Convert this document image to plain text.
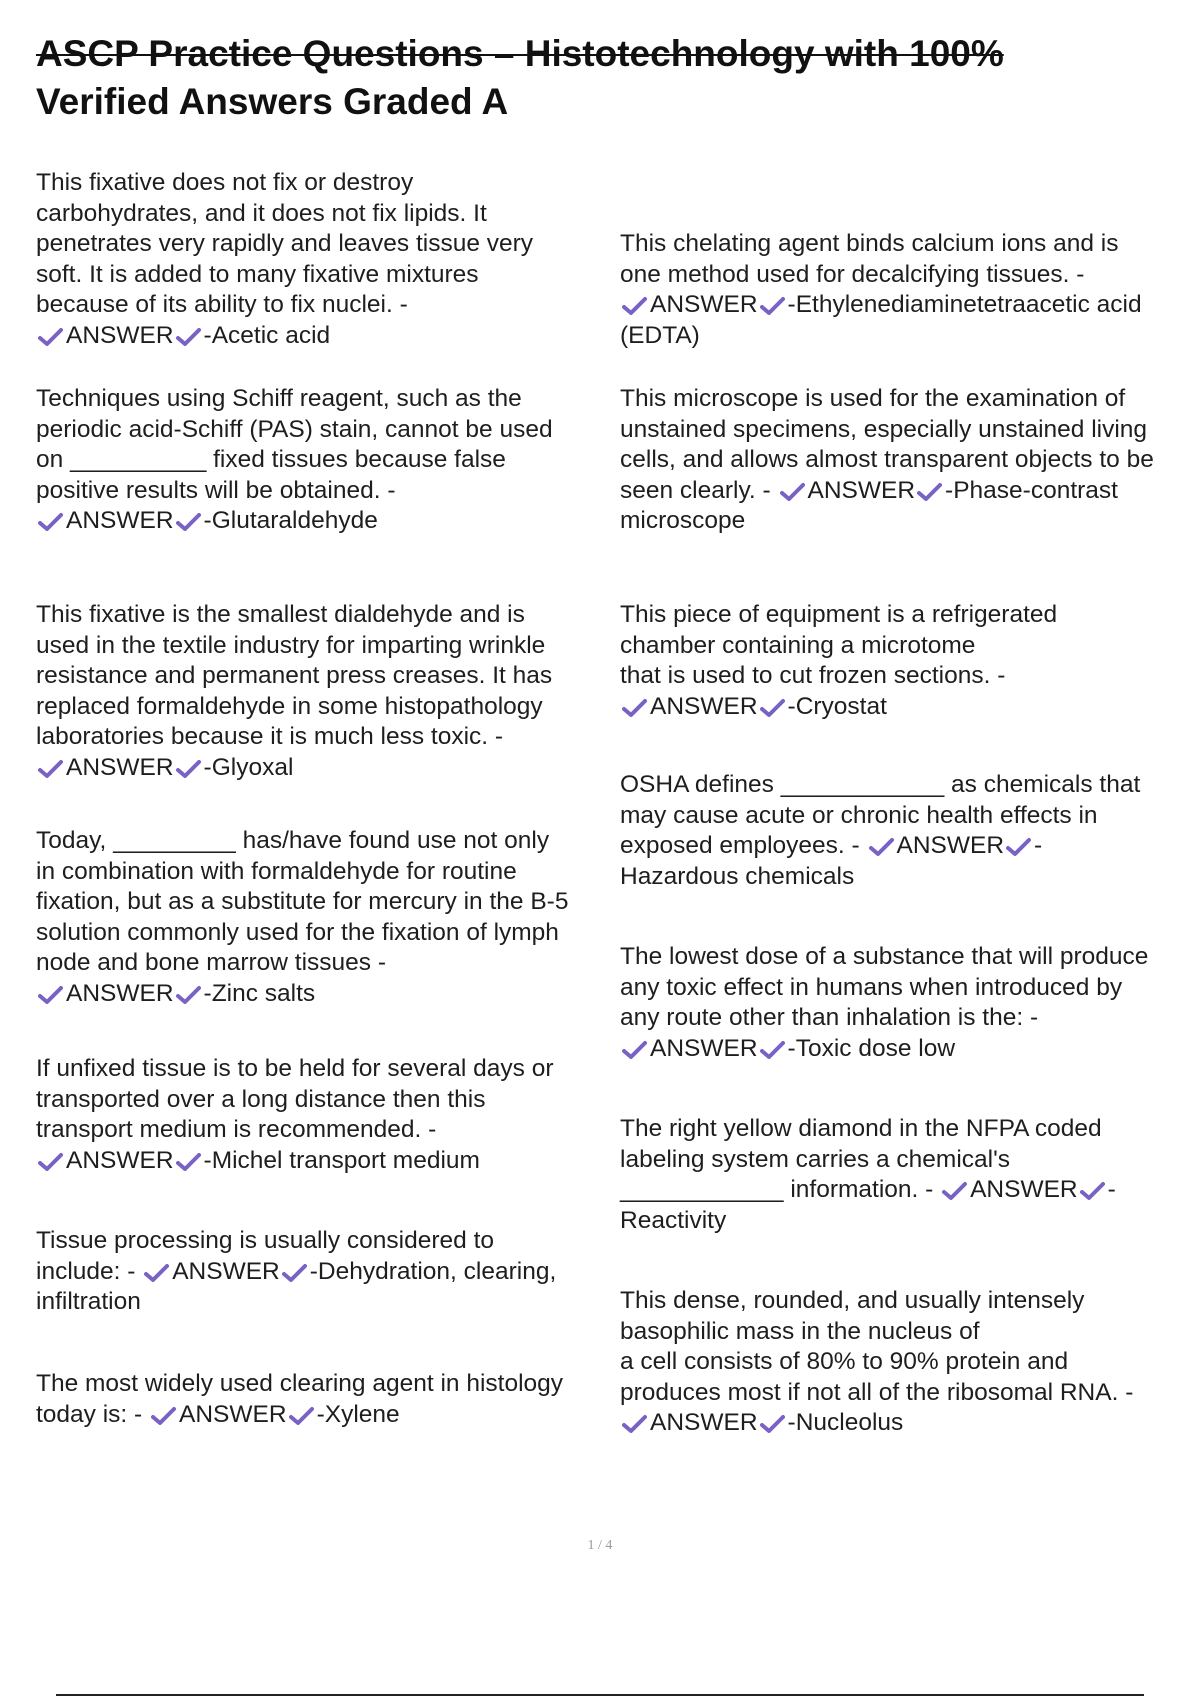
ASCP Practice Questions – Histotechnology with 100%
Verified Answers Graded A
This fixative does not fix or destroy
carbohydrates, and it does not fix lipids. It
penetrates very rapidly and leaves tissue very
soft. It is added to many fixative mixtures
because of its ability to fix nuclei. -
ANSWER -Acetic acid
Techniques using Schiff reagent, such as the
periodic acid-Schiff (PAS) stain, cannot be used
on __________ fixed tissues because false
positive results will be obtained. -
ANSWER -Glutaraldehyde
This fixative is the smallest dialdehyde and is
used in the textile industry for imparting wrinkle
resistance and permanent press creases. It has
replaced formaldehyde in some histopathology
laboratories because it is much less toxic. -
ANSWER -Glyoxal
Today, _________ has/have found use not only
in combination with formaldehyde for routine
fixation, but as a substitute for mercury in the B-5
solution commonly used for the fixation of lymph
node and bone marrow tissues -
ANSWER -Zinc salts
If unfixed tissue is to be held for several days or
transported over a long distance then this
transport medium is recommended. -
ANSWER -Michel transport medium
Tissue processing is usually considered to
include: -
ANSWER -Dehydration, clearing,
infiltration
The most widely used clearing agent in histology
today is: -
ANSWER -Xylene
This chelating agent binds calcium ions and is
one method used for decalcifying tissues. -
ANSWER -Ethylenediaminetetraacetic acid
(EDTA)
This microscope is used for the examination of
unstained specimens, especially unstained living
cells, and allows almost transparent objects to be
seen clearly. -
ANSWER -Phase-contrast
microscope
This piece of equipment is a refrigerated
chamber containing a microtome
that is used to cut frozen sections. -
ANSWER -Cryostat
OSHA defines ____________ as chemicals that
may cause acute or chronic health effects in
exposed employees. -
ANSWER -
Hazardous chemicals
The lowest dose of a substance that will produce
any toxic effect in humans when introduced by
any route other than inhalation is the: -
ANSWER -Toxic dose low
The right yellow diamond in the NFPA coded
labeling system carries a chemical's
____________ information. -
ANSWER -
Reactivity
This dense, rounded, and usually intensely
basophilic mass in the nucleus of
a cell consists of 80% to 90% protein and
produces most if not all of the ribosomal RNA. -
ANSWER -Nucleolus
1 / 4
